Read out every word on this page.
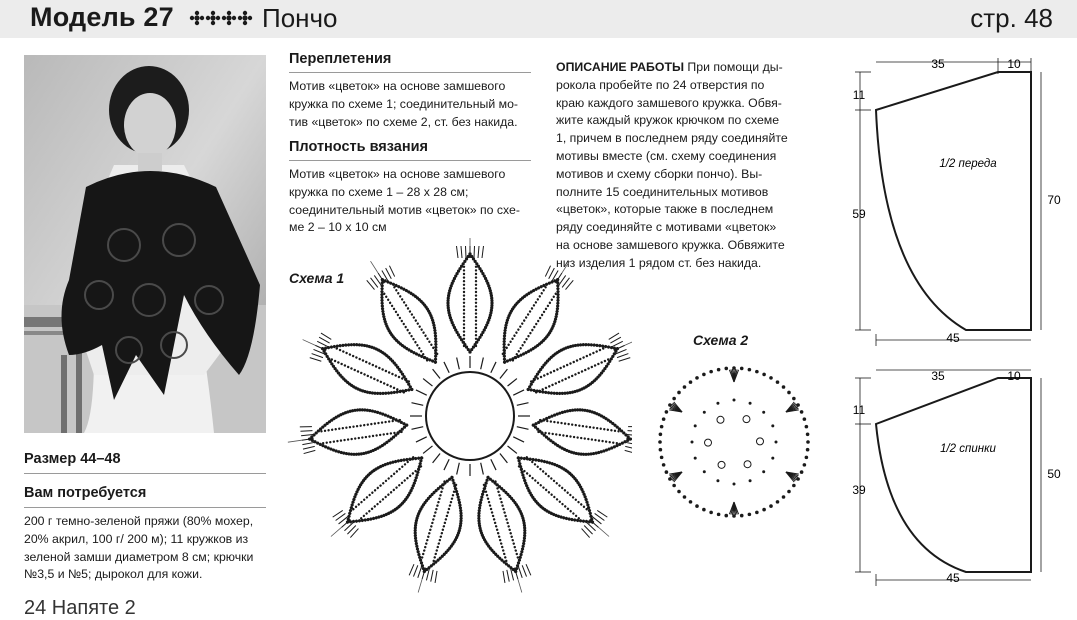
Модель 27	Пончо	стр. 48
Размер 44–48
Вам потребуется
200 г темно-зеленой пряжи (80% мохер,
20% акрил, 100 г/ 200 м); 11 кружков из
зеленой замши диаметром 8 см; крючки
№3,5 и №5; дырокол для кожи.
Переплетения
Мотив «цветок» на основе замшевого
кружка по схеме 1; соединительный мо-
тив «цветок» по схеме 2, ст. без накида.
Плотность вязания
Мотив «цветок» на основе замшевого
кружка по схеме 1 – 28 х 28 см;
соединительный мотив «цветок» по схе-
ме 2 – 10 х 10 см
ОПИСАНИЕ РАБОТЫ При помощи ды-
рокола пробейте по 24 отверстия по
краю каждого замшевого кружка. Обвя-
жите каждый кружок крючком по схеме
1, причем в последнем ряду соединяйте
мотивы вместе (см. схему соединения
мотивов и схему сборки пончо). Вы-
полните 15 соединительных мотивов
«цветок», которые также в последнем
ряду соединяйте с мотивами «цветок»
на основе замшевого кружка. Обвяжите
низ изделия 1 рядом ст. без накида.
Схема 1
Схема 2
35	10
11
59
70
45
1/2 переда
35	10
11
39
50
45
1/2 спинки
24 Напяте 2
